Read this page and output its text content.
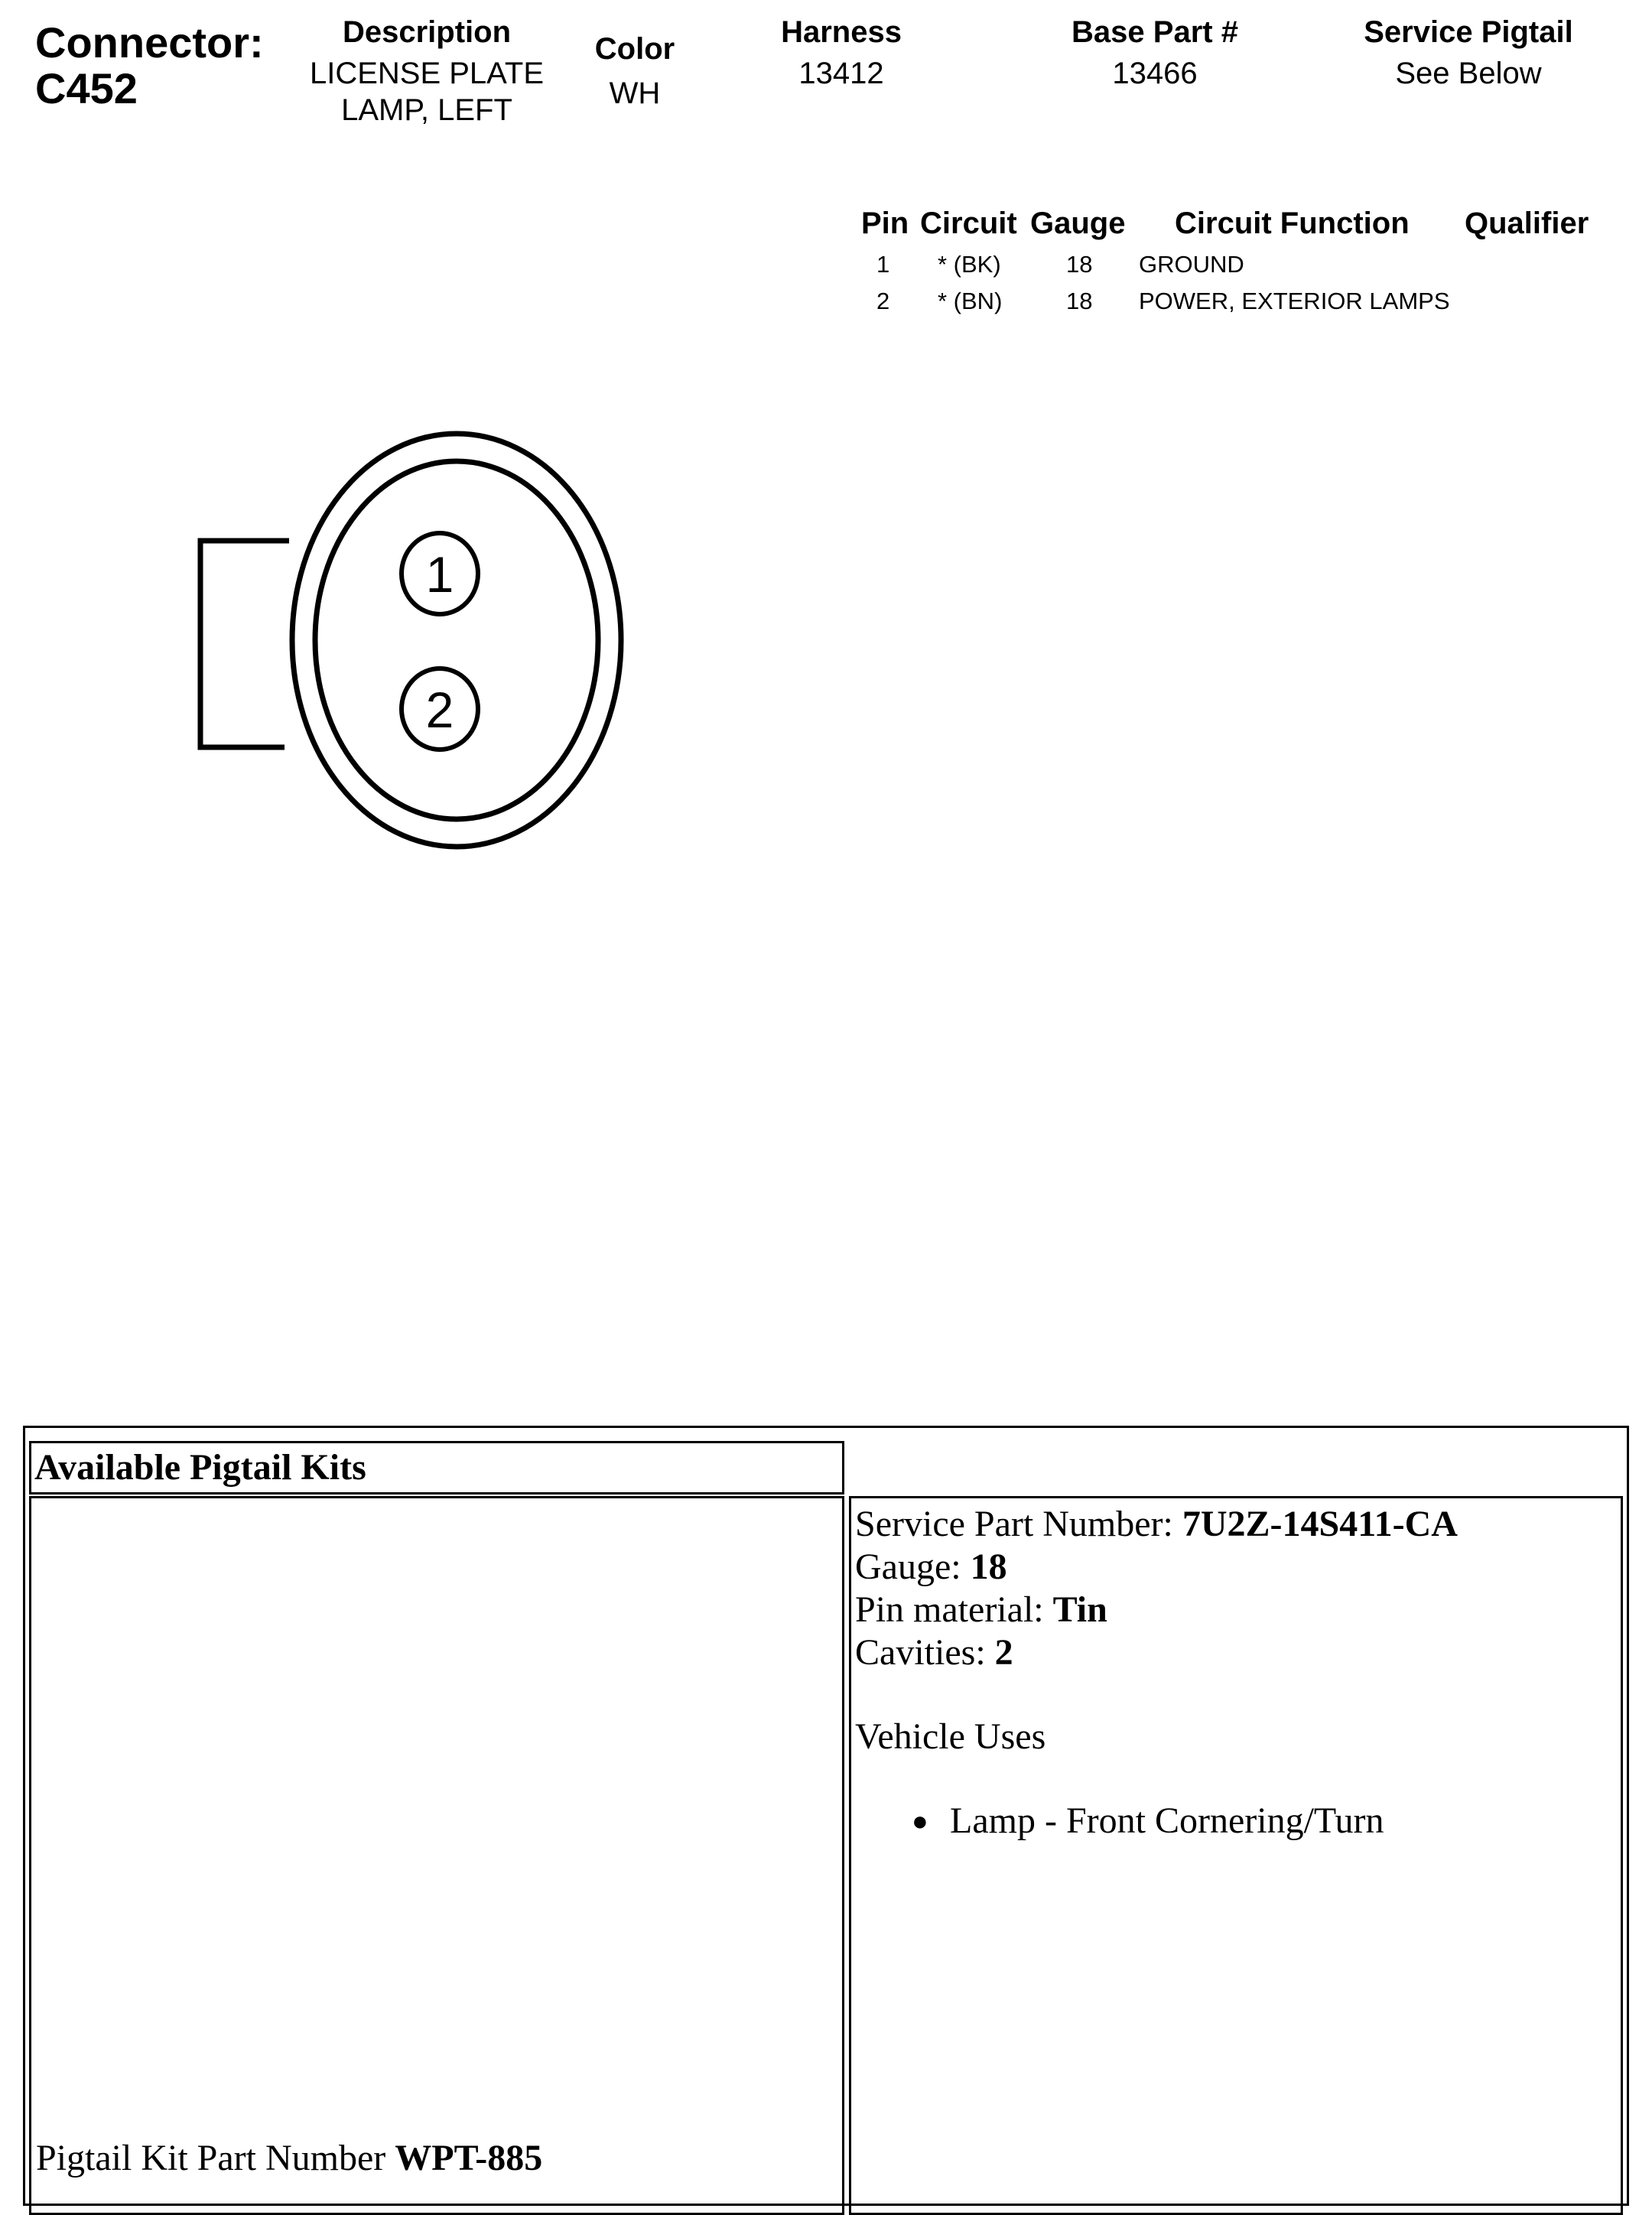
Connector:
C452
Description
LICENSE PLATE
LAMP, LEFT
Color
WH
Harness
13412
Base Part #
13466
Service Pigtail
See Below
Pin Circuit Gauge Circuit Function Qualifier
1 * (BK)	18 GROUND
2 * (BN)	18 POWER, EXTERIOR LAMPS
1
2
Available Pigtail Kits
Pigtail Kit Part Number WPT-885
Service Part Number: 7U2Z-14S411-CA
Gauge: 18
Pin material: Tin
Cavities: 2
Vehicle Uses
● Lamp - Front Cornering/Turn
